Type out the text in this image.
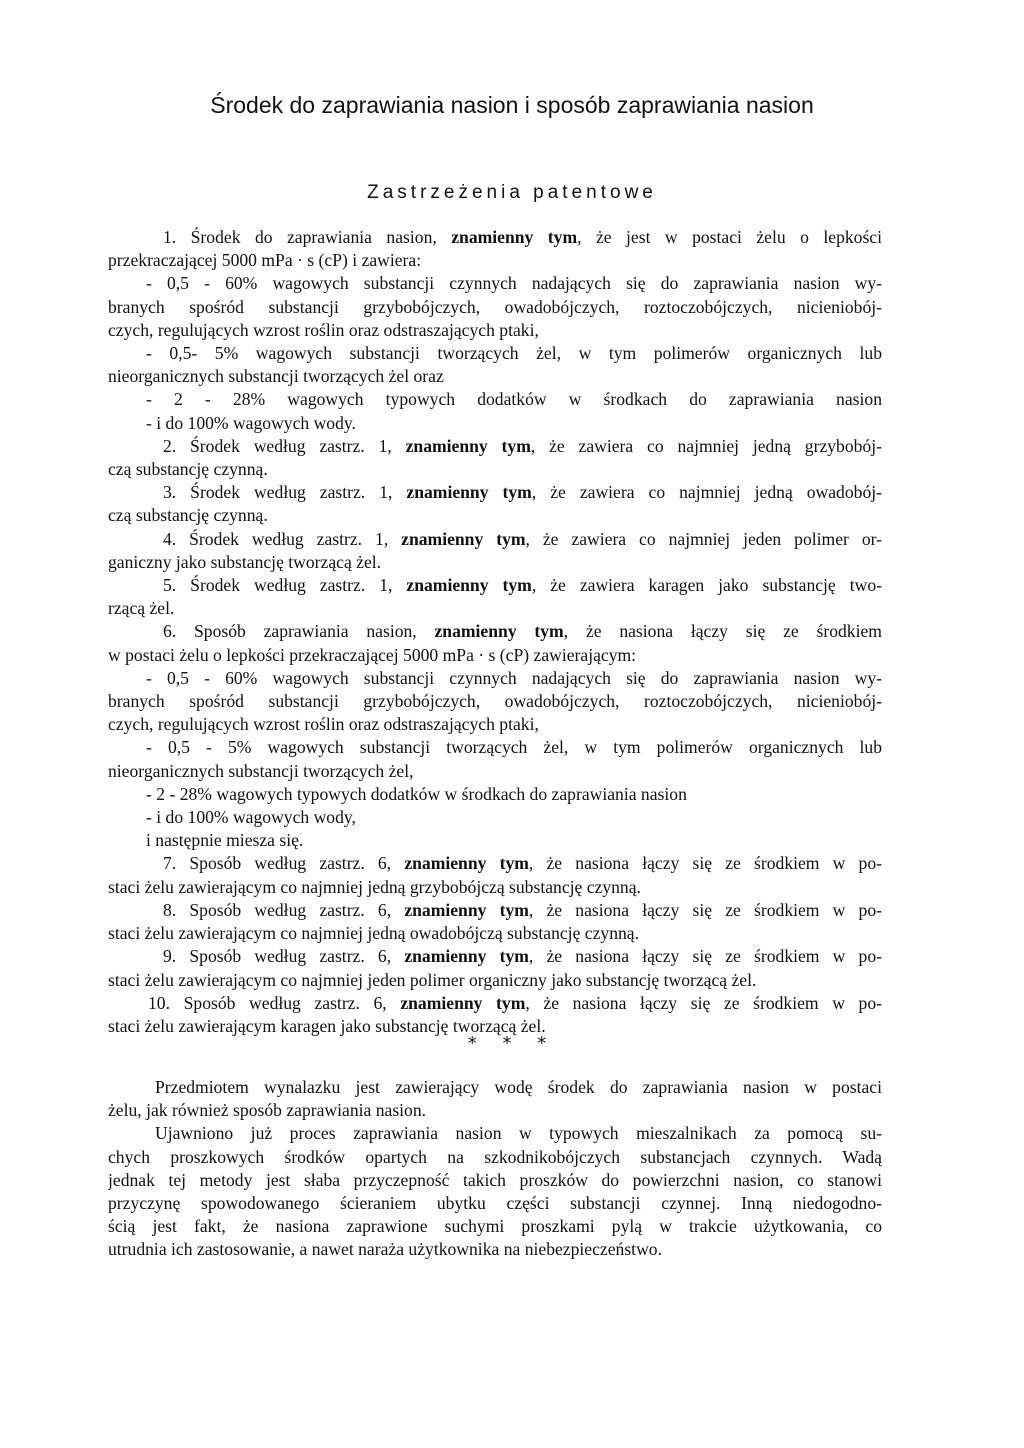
Środek do zaprawiania nasion i sposób zaprawiania nasion
Zastrzeżenia patentowe
1. Środek do zaprawiania nasion, znamienny tym, że jest w postaci żelu o lepkości
przekraczającej 5000 mPa · s (cP) i zawiera:
- 0,5 - 60% wagowych substancji czynnych nadających się do zaprawiania nasion wy-
branych spośród substancji grzybobójczych, owadobójczych, roztoczobójczych, nicieniobój-
czych, regulujących wzrost roślin oraz odstraszających ptaki,
- 0,5- 5% wagowych substancji tworzących żel, w tym polimerów organicznych lub
nieorganicznych substancji tworzących żel oraz
- 2 - 28% wagowych typowych dodatków w środkach do zaprawiania nasion
- i do 100% wagowych wody.
2. Środek według zastrz. 1, znamienny tym, że zawiera co najmniej jedną grzybobój-
czą substancję czynną.
3. Środek według zastrz. 1, znamienny tym, że zawiera co najmniej jedną owadobój-
czą substancję czynną.
4. Środek według zastrz. 1, znamienny tym, że zawiera co najmniej jeden polimer or-
ganiczny jako substancję tworzącą żel.
5. Środek według zastrz. 1, znamienny tym, że zawiera karagen jako substancję two-
rzącą żel.
6. Sposób zaprawiania nasion, znamienny tym, że nasiona łączy się ze środkiem
w postaci żelu o lepkości przekraczającej 5000 mPa · s (cP) zawierającym:
- 0,5 - 60% wagowych substancji czynnych nadających się do zaprawiania nasion wy-
branych spośród substancji grzybobójczych, owadobójczych, roztoczobójczych, nicieniobój-
czych, regulujących wzrost roślin oraz odstraszających ptaki,
- 0,5 - 5% wagowych substancji tworzących żel, w tym polimerów organicznych lub
nieorganicznych substancji tworzących żel,
- 2 - 28% wagowych typowych dodatków w środkach do zaprawiania nasion
- i do 100% wagowych wody,
i następnie miesza się.
7. Sposób według zastrz. 6, znamienny tym, że nasiona łączy się ze środkiem w po-
staci żelu zawierającym co najmniej jedną grzybobójczą substancję czynną.
8. Sposób według zastrz. 6, znamienny tym, że nasiona łączy się ze środkiem w po-
staci żelu zawierającym co najmniej jedną owadobójczą substancję czynną.
9. Sposób według zastrz. 6, znamienny tym, że nasiona łączy się ze środkiem w po-
staci żelu zawierającym co najmniej jeden polimer organiczny jako substancję tworzącą żel.
10. Sposób według zastrz. 6, znamienny tym, że nasiona łączy się ze środkiem w po-
staci żelu zawierającym karagen jako substancję tworzącą żel.
* * *
Przedmiotem wynalazku jest zawierający wodę środek do zaprawiania nasion w postaci
żelu, jak również sposób zaprawiania nasion.
Ujawniono już proces zaprawiania nasion w typowych mieszalnikach za pomocą su-
chych proszkowych środków opartych na szkodnikobójczych substancjach czynnych. Wadą
jednak tej metody jest słaba przyczepność takich proszków do powierzchni nasion, co stanowi
przyczynę spowodowanego ścieraniem ubytku części substancji czynnej. Inną niedogodno-
ścią jest fakt, że nasiona zaprawione suchymi proszkami pylą w trakcie użytkowania, co
utrudnia ich zastosowanie, a nawet naraża użytkownika na niebezpieczeństwo.
